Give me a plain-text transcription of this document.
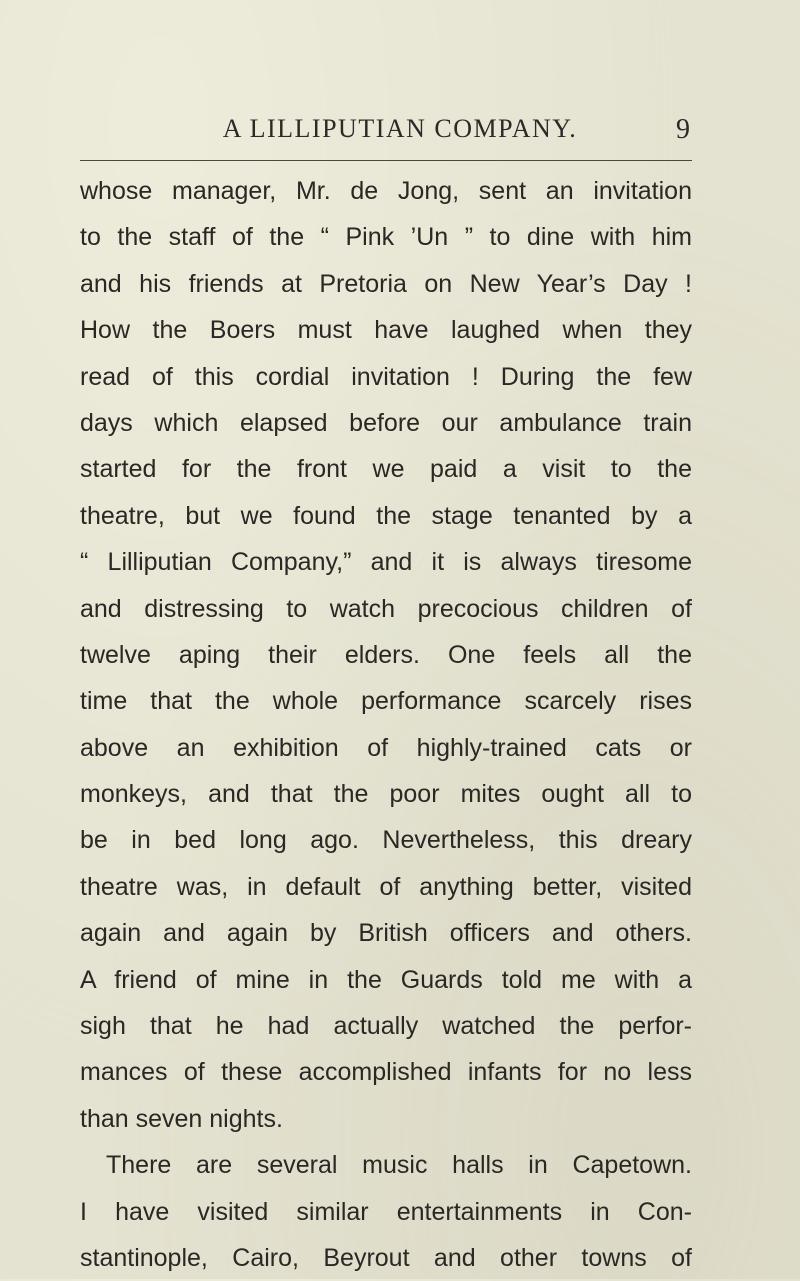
A LILLIPUTIAN COMPANY.	9
whose manager, Mr. de Jong, sent an invitation
to the staff of the “ Pink ’Un ” to dine with him
and his friends at Pretoria on New Year’s Day !
How the Boers must have laughed when they
read of this cordial invitation ! During the few
days which elapsed before our ambulance train
started for the front we paid a visit to the
theatre, but we found the stage tenanted by a
“ Lilliputian Company,” and it is always tiresome
and distressing to watch precocious children of
twelve aping their elders. One feels all the
time that the whole performance scarcely rises
above an exhibition of highly-trained cats or
monkeys, and that the poor mites ought all to
be in bed long ago. Nevertheless, this dreary
theatre was, in default of anything better, visited
again and again by British officers and others.
A friend of mine in the Guards told me with a
sigh that he had actually watched the perfor-
mances of these accomplished infants for no less
than seven nights.
There are several music halls in Capetown.
I have visited similar entertainments in Con-
stantinople, Cairo, Beyrout and other towns of
